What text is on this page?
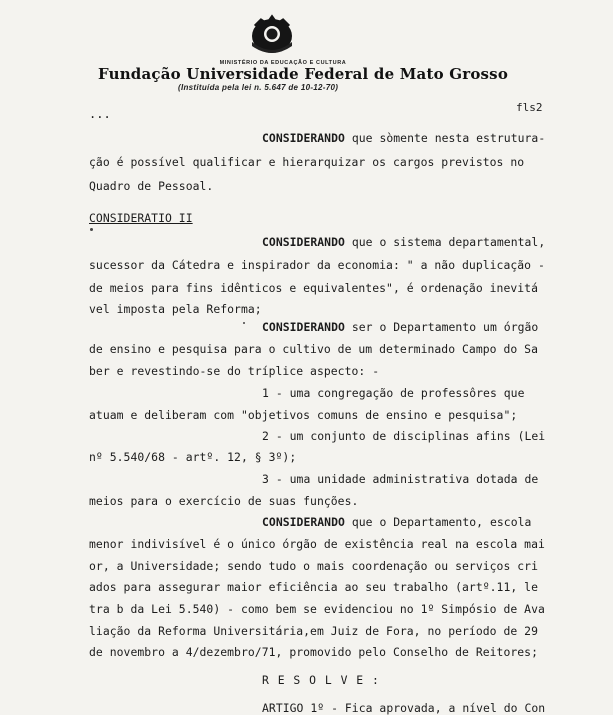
MINISTÉRIO DA EDUCAÇÃO E CULTURA
Fundação Universidade Federal de Mato Grosso
(Instituída pela lei n. 5.647 de 10-12-70)
...	fls2
CONSIDERANDO que sòmente nesta estrutura-
ção é possível qualificar e hierarquizar os cargos previstos no
Quadro de Pessoal.
CONSIDERATIO II
CONSIDERANDO que o sistema departamental,
sucessor da Cátedra e inspirador da economia: " a não duplicação -
de meios para fins idênticos e equivalentes", é ordenação inevitá
vel imposta pela Reforma;
CONSIDERANDO ser o Departamento um órgão
de ensino e pesquisa para o cultivo de um determinado Campo do Sa
ber e revestindo-se do tríplice aspecto: -
1 - uma congregação de professôres que
atuam e deliberam com "objetivos comuns de ensino e pesquisa";
2 - um conjunto de disciplinas afins (Lei
nº 5.540/68 - artº. 12, § 3º);
3 - uma unidade administrativa dotada de
meios para o exercício de suas funções.
CONSIDERANDO que o Departamento, escola
menor indivisível é o único órgão de existência real na escola mai
or, a Universidade; sendo tudo o mais coordenação ou serviços cri
ados para assegurar maior eficiência ao seu trabalho (artº.11, le
tra b da Lei 5.540) - como bem se evidenciou no 1º Simpósio de Ava
liação da Reforma Universitária,em Juiz de Fora, no período de 29
de novembro a 4/dezembro/71, promovido pelo Conselho de Reitores;
R E S O L V E :
ARTIGO 1º - Fica aprovada, a nível do Con
